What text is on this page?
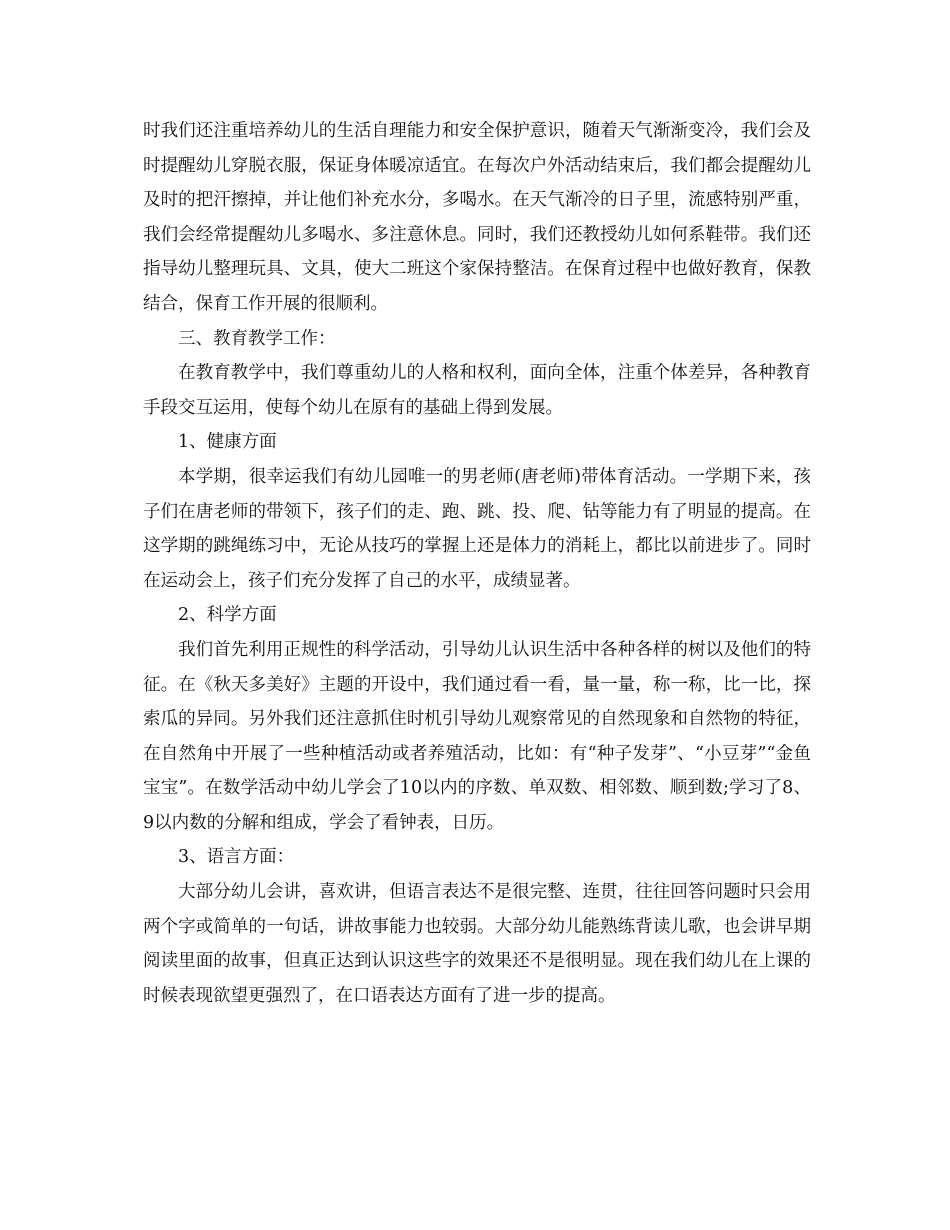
时我们还注重培养幼儿的生活自理能力和安全保护意识，随着天气渐渐变冷，我们会及时提醒幼儿穿脱衣服，保证身体暖凉适宜。在每次户外活动结束后，我们都会提醒幼儿及时的把汗擦掉，并让他们补充水分，多喝水。在天气渐冷的日子里，流感特别严重，我们会经常提醒幼儿多喝水、多注意休息。同时，我们还教授幼儿如何系鞋带。我们还指导幼儿整理玩具、文具，使大二班这个家保持整洁。在保育过程中也做好教育，保教结合，保育工作开展的很顺利。

三、教育教学工作：

在教育教学中，我们尊重幼儿的人格和权利，面向全体，注重个体差异，各种教育手段交互运用，使每个幼儿在原有的基础上得到发展。

1、健康方面

本学期，很幸运我们有幼儿园唯一的男老师(唐老师)带体育活动。一学期下来，孩子们在唐老师的带领下，孩子们的走、跑、跳、投、爬、钻等能力有了明显的提高。在这学期的跳绳练习中，无论从技巧的掌握上还是体力的消耗上，都比以前进步了。同时在运动会上，孩子们充分发挥了自己的水平，成绩显著。

2、科学方面

我们首先利用正规性的科学活动，引导幼儿认识生活中各种各样的树以及他们的特征。在《秋天多美好》主题的开设中，我们通过看一看，量一量，称一称，比一比，探索瓜的异同。另外我们还注意抓住时机引导幼儿观察常见的自然现象和自然物的特征，在自然角中开展了一些种植活动或者养殖活动，比如：有“种子发芽”、“小豆芽”“金鱼宝宝”。在数学活动中幼儿学会了10以内的序数、单双数、相邻数、顺到数;学习了8、9以内数的分解和组成，学会了看钟表，日历。

3、语言方面：

大部分幼儿会讲，喜欢讲，但语言表达不是很完整、连贯，往往回答问题时只会用两个字或简单的一句话，讲故事能力也较弱。大部分幼儿能熟练背读儿歌，也会讲早期阅读里面的故事，但真正达到认识这些字的效果还不是很明显。现在我们幼儿在上课的时候表现欲望更强烈了，在口语表达方面有了进一步的提高。
